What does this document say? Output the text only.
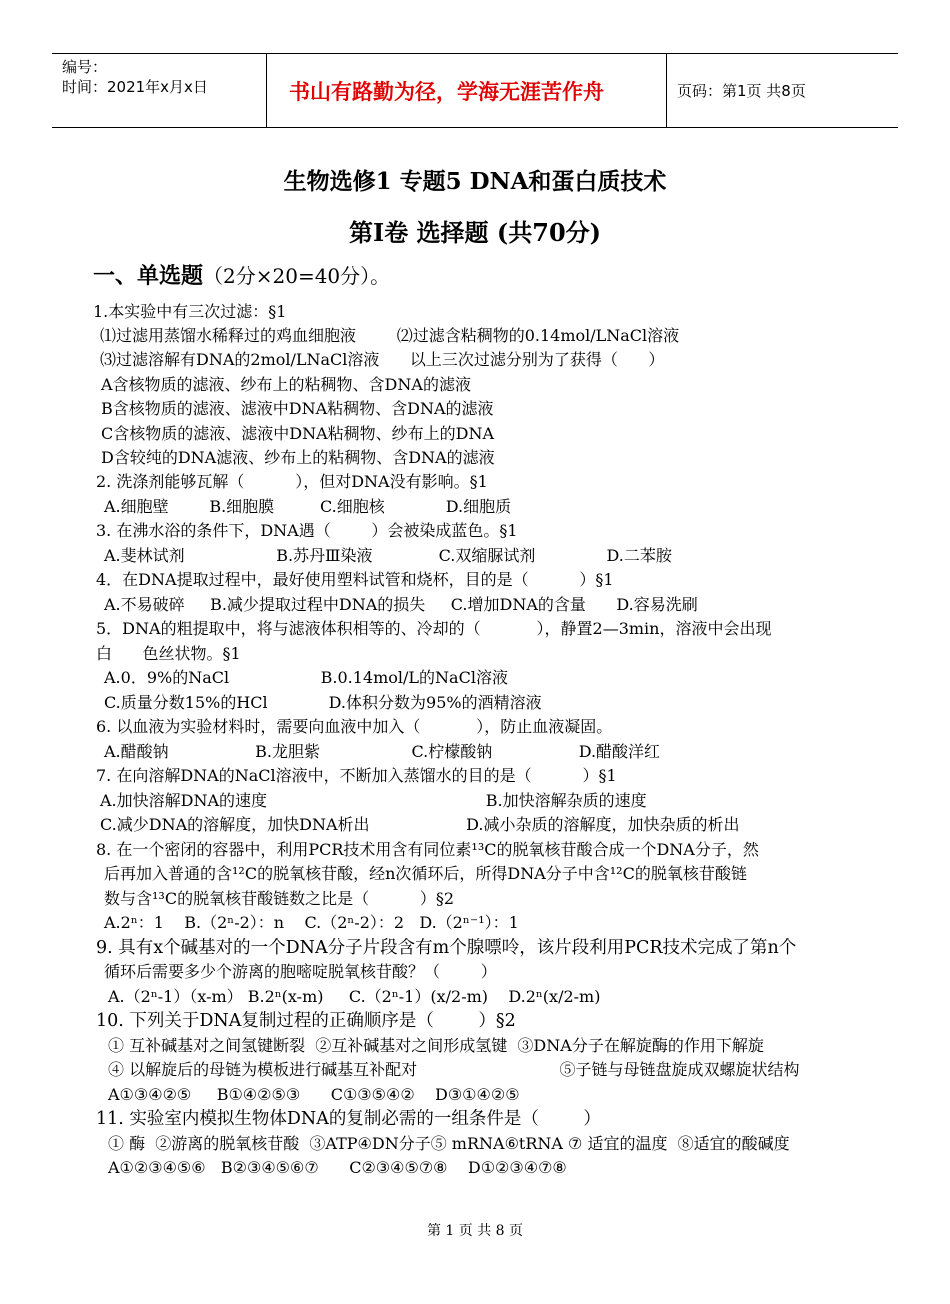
编号：
时间：2021年x月x日	书山有路勤为径，学海无涯苦作舟	页码：第1页 共8页
生物选修1 专题5 DNA和蛋白质技术
第Ⅰ卷 选择题 (共70分)
一、单选题（2分×20=40分）。
1.本实验中有三次过滤：§1
⑴过滤用蒸馏水稀释过的鸡血细胞液        ⑵过滤含粘稠物的0.14mol/LNaCl溶液
⑶过滤溶解有DNA的2mol/LNaCl溶液      以上三次过滤分别为了获得（      ）
A含核物质的滤液、纱布上的粘稠物、含DNA的滤液
B含核物质的滤液、滤液中DNA粘稠物、含DNA的滤液
C含核物质的滤液、滤液中DNA粘稠物、纱布上的DNA
D含较纯的DNA滤液、纱布上的粘稠物、含DNA的滤液
2. 洗涤剂能够瓦解（          ），但对DNA没有影响。§1
A.细胞壁        B.细胞膜         C.细胞核            D.细胞质
3. 在沸水浴的条件下，DNA遇（        ）会被染成蓝色。§1
A.斐林试剂                  B.苏丹Ⅲ染液             C.双缩脲试剂              D.二苯胺
4．在DNA提取过程中，最好使用塑料试管和烧杯，目的是（          ）§1
A.不易破碎     B.减少提取过程中DNA的损失     C.增加DNA的含量      D.容易洗刷
5．DNA的粗提取中，将与滤液体积相等的、冷却的（           ），静置2—3min，溶液中会出现
白      色丝状物。§1
A.0．9%的NaCl                  B.0.14mol/L的NaCl溶液
C.质量分数15%的HCl            D.体积分数为95%的酒精溶液
6. 以血液为实验材料时，需要向血液中加入（           ），防止血液凝固。
A.醋酸钠                 B.龙胆紫                  C.柠檬酸钠                 D.醋酸洋红
7. 在向溶解DNA的NaCl溶液中，不断加入蒸馏水的目的是（          ）§1
A.加快溶解DNA的速度                                           B.加快溶解杂质的速度
C.减少DNA的溶解度，加快DNA析出                   D.减小杂质的溶解度，加快杂质的析出
8. 在一个密闭的容器中，利用PCR技术用含有同位素¹³C的脱氧核苷酸合成一个DNA分子，然
后再加入普通的含¹²C的脱氧核苷酸，经n次循环后，所得DNA分子中含¹²C的脱氧核苷酸链
数与含¹³C的脱氧核苷酸链数之比是（          ）§2
A.2ⁿ：1    B.（2ⁿ-2）：n    C.（2ⁿ-2）：2   D.（2ⁿ⁻¹）：1
9. 具有x个碱基对的一个DNA分子片段含有m个腺嘌呤，该片段利用PCR技术完成了第n个
循环后需要多少个游离的胞嘧啶脱氧核苷酸？（        ）
A.（2ⁿ-1）（x-m） B.2ⁿ(x-m)     C.（2ⁿ-1）(x/2-m)    D.2ⁿ(x/2-m)
10. 下列关于DNA复制过程的正确顺序是（        ）§2
① 互补碱基对之间氢键断裂  ②互补碱基对之间形成氢键  ③DNA分子在解旋酶的作用下解旋
④ 以解旋后的母链为模板进行碱基互补配对                            ⑤子链与母链盘旋成双螺旋状结构
A①③④②⑤     B①④②⑤③      C①③⑤④②    D③①④②⑤
11. 实验室内模拟生物体DNA的复制必需的一组条件是（        ）
① 酶  ②游离的脱氧核苷酸  ③ATP④DN分子⑤ mRNA⑥tRNA ⑦ 适宜的温度  ⑧适宜的酸碱度
A①②③④⑤⑥   B②③④⑤⑥⑦      C②③④⑤⑦⑧    D①②③④⑦⑧
第 1 页 共 8 页
